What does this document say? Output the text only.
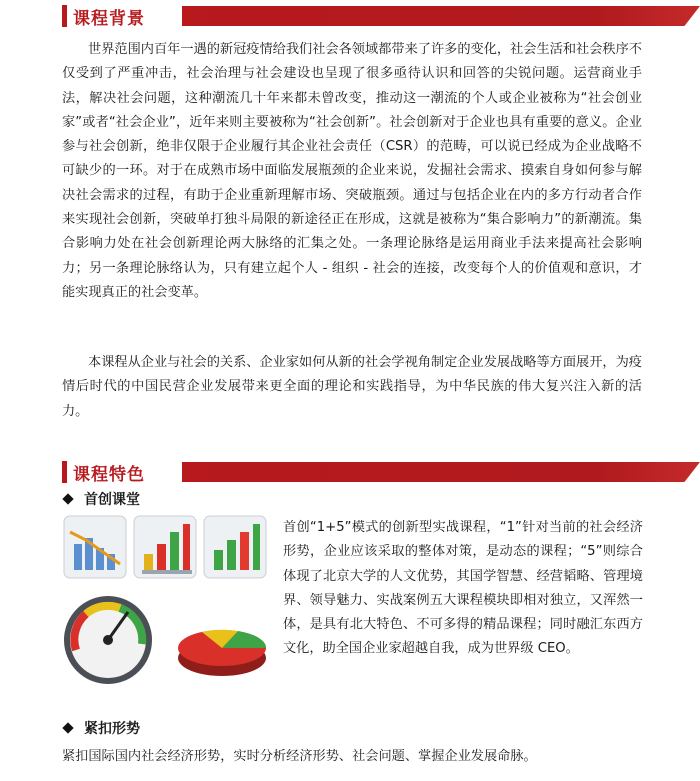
课程背景

世界范围内百年一遇的新冠疫情给我们社会各领域都带来了许多的变化，社会生活和社会秩序不仅受到了严重冲击，社会治理与社会建设也呈现了很多亟待认识和回答的尖锐问题。运营商业手法，解决社会问题，这种潮流几十年来都未曾改变，推动这一潮流的个人或企业被称为“社会创业家”或者“社会企业”，近年来则主要被称为“社会创新”。社会创新对于企业也具有重要的意义。企业参与社会创新，绝非仅限于企业履行其企业社会责任（CSR）的范畴，可以说已经成为企业战略不可缺少的一环。对于在成熟市场中面临发展瓶颈的企业来说，发掘社会需求、摸索自身如何参与解决社会需求的过程，有助于企业重新理解市场、突破瓶颈。通过与包括企业在内的多方行动者合作来实现社会创新，突破单打独斗局限的新途径正在形成，这就是被称为“集合影响力”的新潮流。集合影响力处在社会创新理论两大脉络的汇集之处。一条理论脉络是运用商业手法来提高社会影响力；另一条理论脉络认为，只有建立起个人 - 组织 - 社会的连接，改变每个人的价值观和意识，才能实现真正的社会变革。

本课程从企业与社会的关系、企业家如何从新的社会学视角制定企业发展战略等方面展开，为疫情后时代的中国民营企业发展带来更全面的理论和实践指导，为中华民族的伟大复兴注入新的活力。

课程特色
首创课堂

首创“1+5”模式的创新型实战课程，“1”针对当前的社会经济形势，企业应该采取的整体对策，是动态的课程；“5”则综合体现了北京大学的人文优势，其国学智慧、经营韬略、管理境界、领导魅力、实战案例五大课程模块即相对独立，又浑然一体，是具有北大特色、不可多得的精品课程；同时融汇东西方文化，助全国企业家超越自我，成为世界级 CEO。

紧扣形势

紧扣国际国内社会经济形势，实时分析经济形势、社会问题、掌握企业发展命脉。
